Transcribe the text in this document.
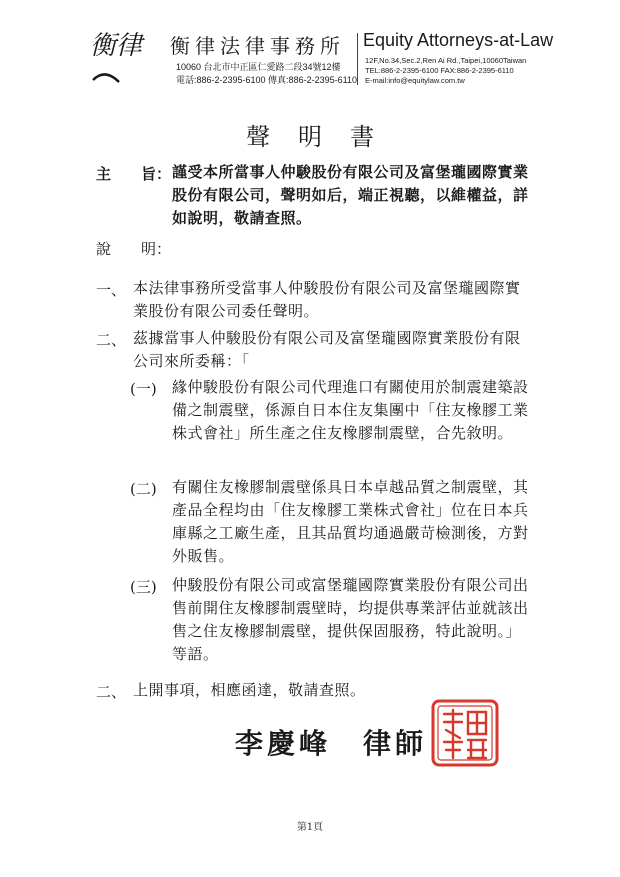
衡律 衡律法律事務所 Equity Attorneys-at-Law
10060 台北市中正區仁愛路二段34號12樓
電話:886-2-2395-6100 傳真:886-2-2395-6110
12F,No.34,Sec.2,Ren Ai Rd.,Taipei,10060Taiwan
TEL:886-2-2395-6100 FAX:886-2-2395-6110
E-mail:info@equitylaw.com.tw
聲明書
主　　旨： 謹受本所當事人仲駿股份有限公司及富堡瓏國際實業股份有限公司，聲明如后，端正視聽，以維權益，詳如說明，敬請查照。
說　　明：
一、 本法律事務所受當事人仲駿股份有限公司及富堡瓏國際實業股份有限公司委任聲明。
二、 茲據當事人仲駿股份有限公司及富堡瓏國際實業股份有限公司來所委稱：「
(一) 緣仲駿股份有限公司代理進口有關使用於制震建築設備之制震壁，係源自日本住友集團中「住友橡膠工業株式會社」所生產之住友橡膠制震壁，合先敘明。
(二) 有關住友橡膠制震壁係具日本卓越品質之制震壁，其產品全程均由「住友橡膠工業株式會社」位在日本兵庫縣之工廠生產，且其品質均通過嚴苛檢測後，方對外販售。
(三) 仲駿股份有限公司或富堡瓏國際實業股份有限公司出售前開住友橡膠制震壁時，均提供專業評估並就該出售之住友橡膠制震壁，提供保固服務，特此說明。」等語。
二、 上開事項，相應函達，敬請查照。
李慶峰　律師
第1頁
